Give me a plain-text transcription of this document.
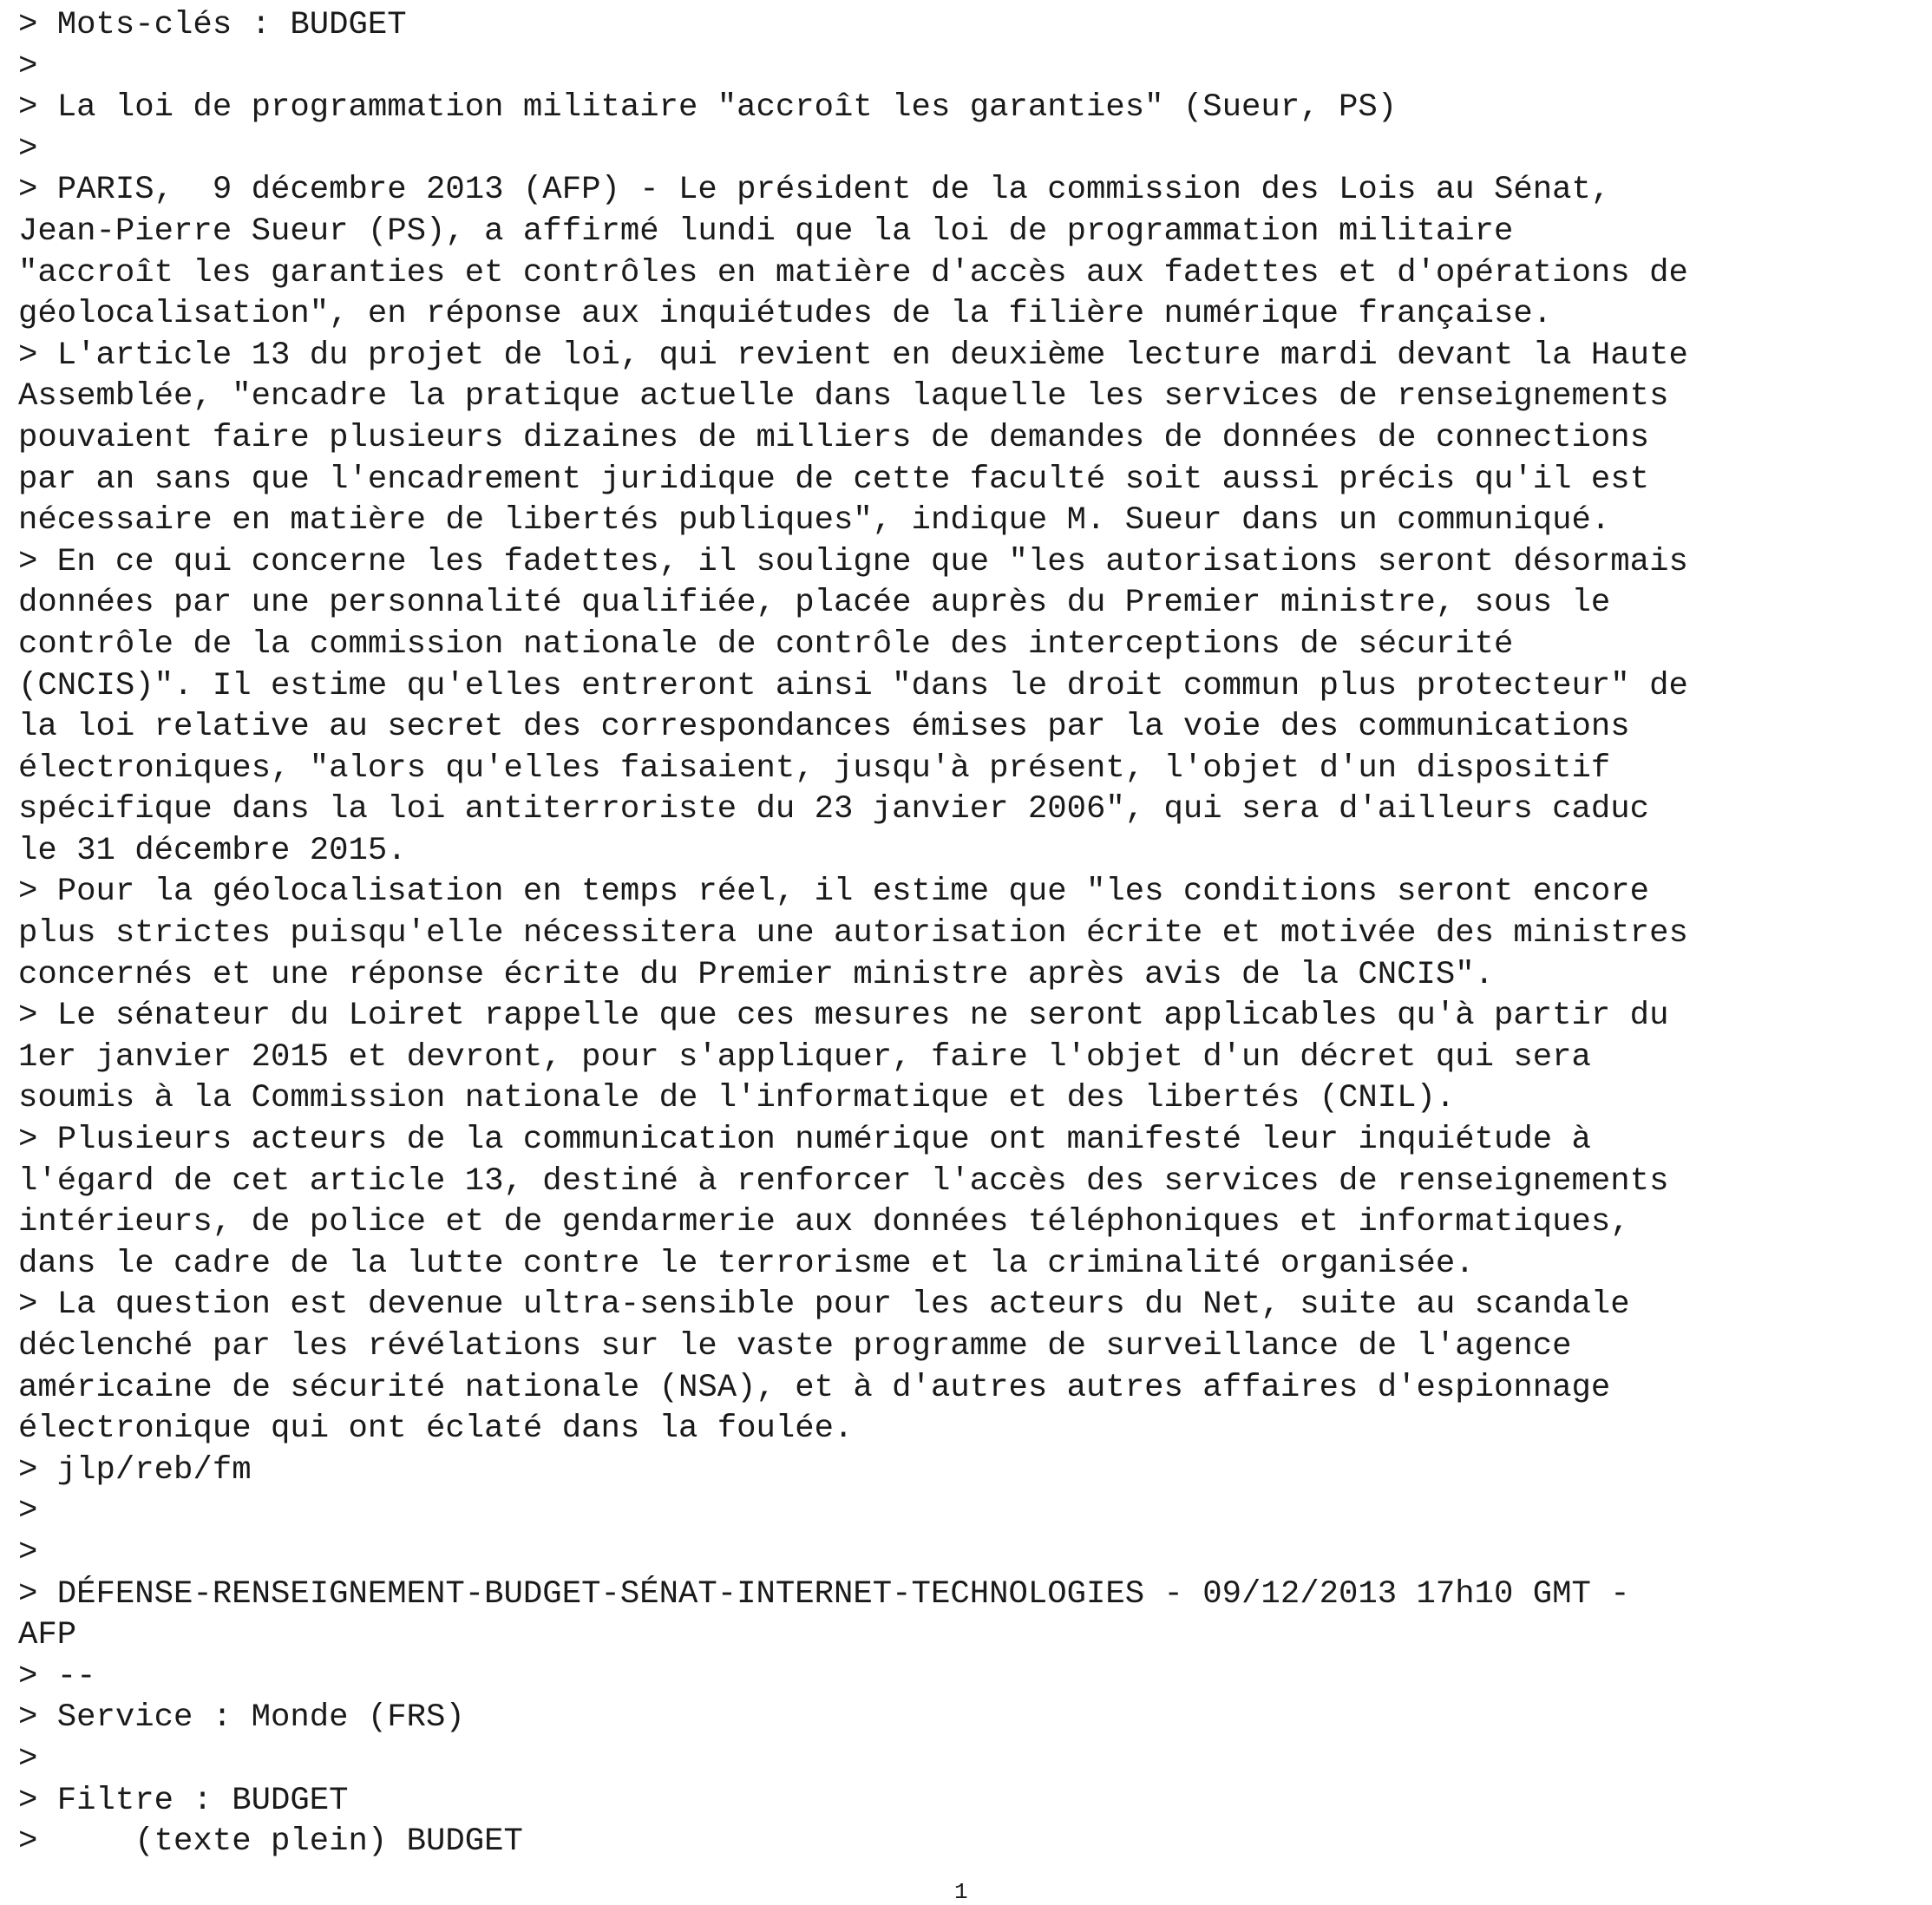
> Mots-clés : BUDGET
>
> La loi de programmation militaire "accroît les garanties" (Sueur, PS)
>
> PARIS,  9 décembre 2013 (AFP) - Le président de la commission des Lois au Sénat,
Jean-Pierre Sueur (PS), a affirmé lundi que la loi de programmation militaire
"accroît les garanties et contrôles en matière d'accès aux fadettes et d'opérations de
géolocalisation", en réponse aux inquiétudes de la filière numérique française.
> L'article 13 du projet de loi, qui revient en deuxième lecture mardi devant la Haute
Assemblée, "encadre la pratique actuelle dans laquelle les services de renseignements
pouvaient faire plusieurs dizaines de milliers de demandes de données de connections
par an sans que l'encadrement juridique de cette faculté soit aussi précis qu'il est
nécessaire en matière de libertés publiques", indique M. Sueur dans un communiqué.
> En ce qui concerne les fadettes, il souligne que "les autorisations seront désormais
données par une personnalité qualifiée, placée auprès du Premier ministre, sous le
contrôle de la commission nationale de contrôle des interceptions de sécurité
(CNCIS)". Il estime qu'elles entreront ainsi "dans le droit commun plus protecteur" de
la loi relative au secret des correspondances émises par la voie des communications
électroniques, "alors qu'elles faisaient, jusqu'à présent, l'objet d'un dispositif
spécifique dans la loi antiterroriste du 23 janvier 2006", qui sera d'ailleurs caduc
le 31 décembre 2015.
> Pour la géolocalisation en temps réel, il estime que "les conditions seront encore
plus strictes puisqu'elle nécessitera une autorisation écrite et motivée des ministres
concernés et une réponse écrite du Premier ministre après avis de la CNCIS".
> Le sénateur du Loiret rappelle que ces mesures ne seront applicables qu'à partir du
1er janvier 2015 et devront, pour s'appliquer, faire l'objet d'un décret qui sera
soumis à la Commission nationale de l'informatique et des libertés (CNIL).
> Plusieurs acteurs de la communication numérique ont manifesté leur inquiétude à
l'égard de cet article 13, destiné à renforcer l'accès des services de renseignements
intérieurs, de police et de gendarmerie aux données téléphoniques et informatiques,
dans le cadre de la lutte contre le terrorisme et la criminalité organisée.
> La question est devenue ultra-sensible pour les acteurs du Net, suite au scandale
déclenché par les révélations sur le vaste programme de surveillance de l'agence
américaine de sécurité nationale (NSA), et à d'autres autres affaires d'espionnage
électronique qui ont éclaté dans la foulée.
> jlp/reb/fm
>
>
> DÉFENSE-RENSEIGNEMENT-BUDGET-SÉNAT-INTERNET-TECHNOLOGIES - 09/12/2013 17h10 GMT -
AFP
> --
> Service : Monde (FRS)
>
> Filtre : BUDGET
>     (texte plein) BUDGET
1
